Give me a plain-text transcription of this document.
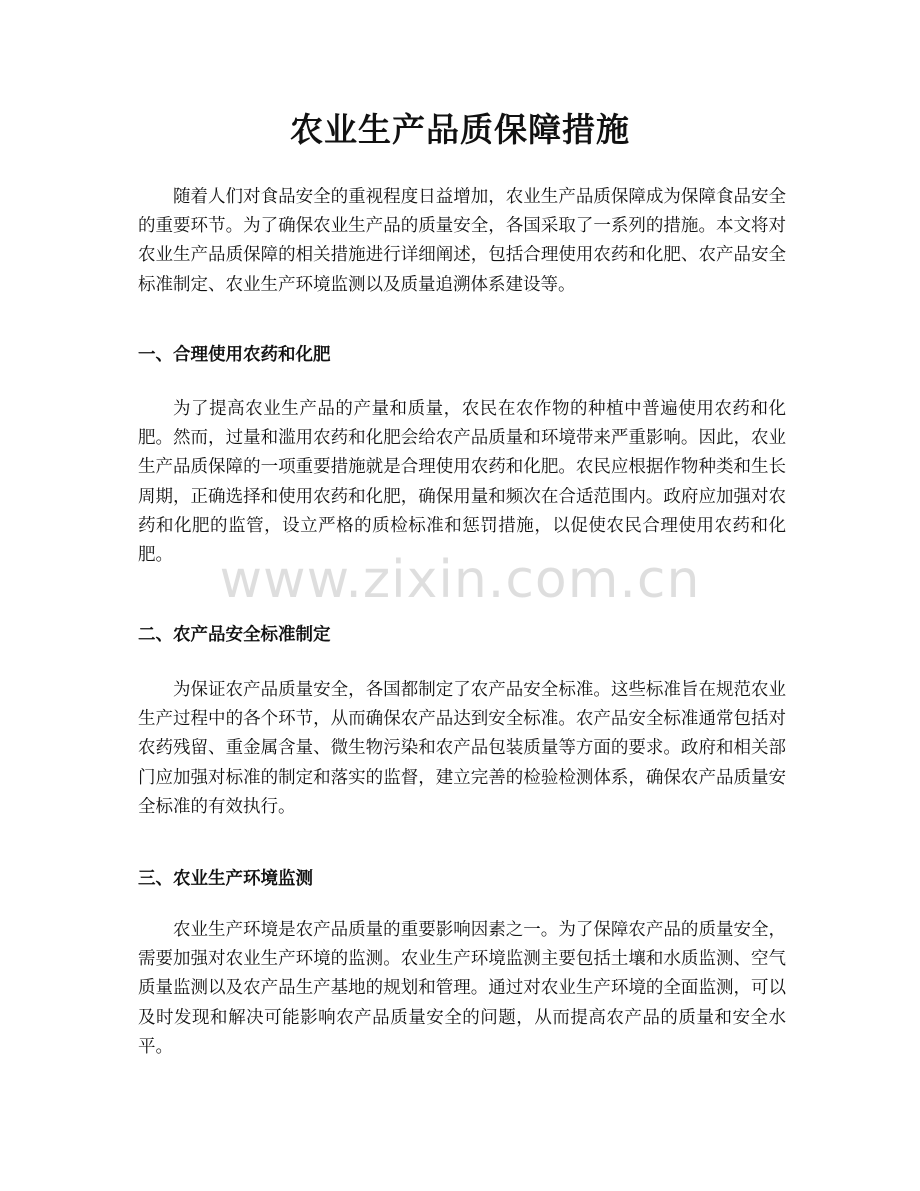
农业生产品质保障措施

随着人们对食品安全的重视程度日益增加，农业生产品质保障成为保障食品安全的重要环节。为了确保农业生产品的质量安全，各国采取了一系列的措施。本文将对农业生产品质保障的相关措施进行详细阐述，包括合理使用农药和化肥、农产品安全标准制定、农业生产环境监测以及质量追溯体系建设等。

一、合理使用农药和化肥

为了提高农业生产品的产量和质量，农民在农作物的种植中普遍使用农药和化肥。然而，过量和滥用农药和化肥会给农产品质量和环境带来严重影响。因此，农业生产品质保障的一项重要措施就是合理使用农药和化肥。农民应根据作物种类和生长周期，正确选择和使用农药和化肥，确保用量和频次在合适范围内。政府应加强对农药和化肥的监管，设立严格的质检标准和惩罚措施，以促使农民合理使用农药和化肥。

二、农产品安全标准制定

为保证农产品质量安全，各国都制定了农产品安全标准。这些标准旨在规范农业生产过程中的各个环节，从而确保农产品达到安全标准。农产品安全标准通常包括对农药残留、重金属含量、微生物污染和农产品包装质量等方面的要求。政府和相关部门应加强对标准的制定和落实的监督，建立完善的检验检测体系，确保农产品质量安全标准的有效执行。

三、农业生产环境监测

农业生产环境是农产品质量的重要影响因素之一。为了保障农产品的质量安全，需要加强对农业生产环境的监测。农业生产环境监测主要包括土壤和水质监测、空气质量监测以及农产品生产基地的规划和管理。通过对农业生产环境的全面监测，可以及时发现和解决可能影响农产品质量安全的问题，从而提高农产品的质量和安全水平。

www.zixin.com.cn
